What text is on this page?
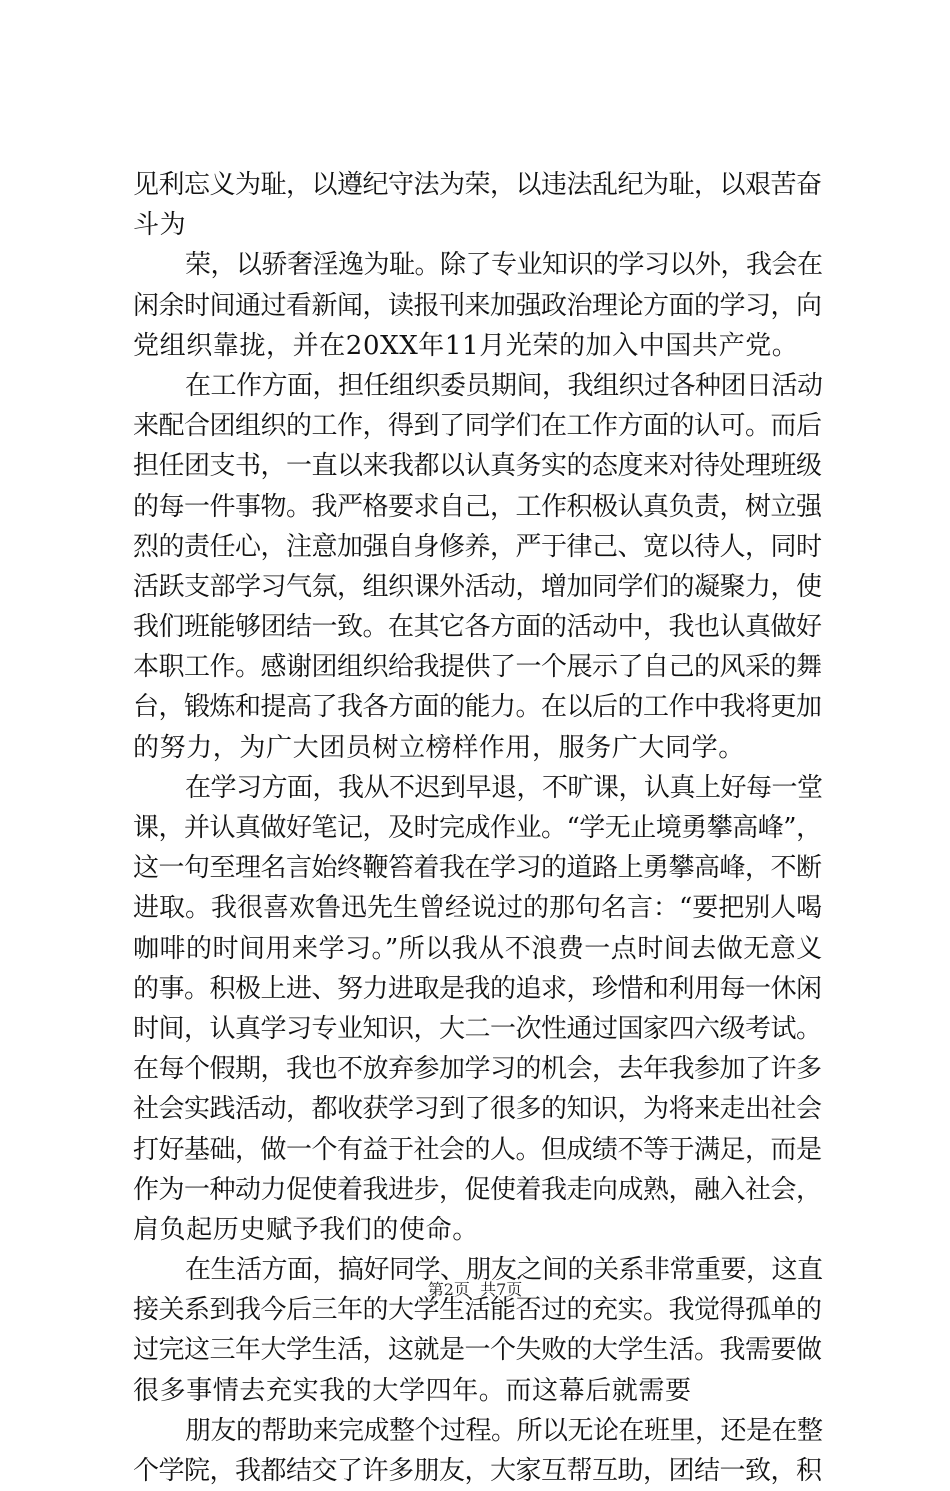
见利忘义为耻，以遵纪守法为荣，以违法乱纪为耻，以艰苦奋
斗为
荣，以骄奢淫逸为耻。除了专业知识的学习以外，我会在
闲余时间通过看新闻，读报刊来加强政治理论方面的学习，向
党组织靠拢，并在20XX年11月光荣的加入中国共产党。
在工作方面，担任组织委员期间，我组织过各种团日活动
来配合团组织的工作，得到了同学们在工作方面的认可。而后
担任团支书，一直以来我都以认真务实的态度来对待处理班级
的每一件事物。我严格要求自己，工作积极认真负责，树立强
烈的责任心，注意加强自身修养，严于律己、宽以待人，同时
活跃支部学习气氛，组织课外活动，增加同学们的凝聚力，使
我们班能够团结一致。在其它各方面的活动中，我也认真做好
本职工作。感谢团组织给我提供了一个展示了自己的风采的舞
台，锻炼和提高了我各方面的能力。在以后的工作中我将更加
的努力，为广大团员树立榜样作用，服务广大同学。
在学习方面，我从不迟到早退，不旷课，认真上好每一堂
课，并认真做好笔记，及时完成作业。“学无止境勇攀高峰”，
这一句至理名言始终鞭笞着我在学习的道路上勇攀高峰，不断
进取。我很喜欢鲁迅先生曾经说过的那句名言：“要把别人喝
咖啡的时间用来学习。”所以我从不浪费一点时间去做无意义
的事。积极上进、努力进取是我的追求，珍惜和利用每一休闲
时间，认真学习专业知识，大二一次性通过国家四六级考试。
在每个假期，我也不放弃参加学习的机会，去年我参加了许多
社会实践活动，都收获学习到了很多的知识，为将来走出社会
打好基础，做一个有益于社会的人。但成绩不等于满足，而是
作为一种动力促使着我进步，促使着我走向成熟，融入社会，
肩负起历史赋予我们的使命。
在生活方面，搞好同学、朋友之间的关系非常重要，这直
接关系到我今后三年的大学生活能否过的充实。我觉得孤单的
过完这三年大学生活，这就是一个失败的大学生活。我需要做
很多事情去充实我的大学四年。而这幕后就需要
朋友的帮助来完成整个过程。所以无论在班里，还是在整
个学院，我都结交了许多朋友，大家互帮互助，团结一致，积
第2页  共7页
